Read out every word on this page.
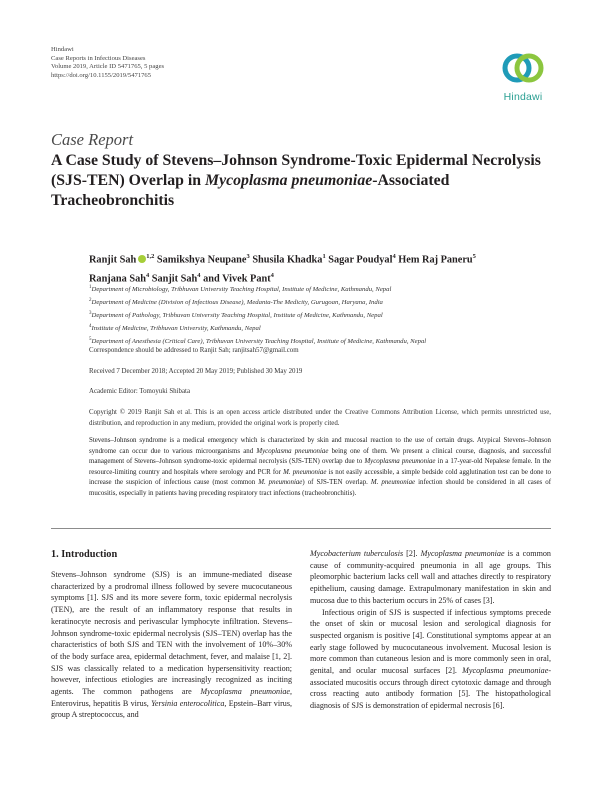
Hindawi
Case Reports in Infectious Diseases
Volume 2019, Article ID 5471765, 5 pages
https://doi.org/10.1155/2019/5471765
Hindawi
Case Report
A Case Study of Stevens–Johnson Syndrome-Toxic Epidermal Necrolysis (SJS-TEN) Overlap in Mycoplasma pneumoniae-Associated Tracheobronchitis
Ranjit Sah $^{1,2}$ Samikshya Neupane$^3$ Shusila Khadka$^1$ Sagar Poudyal$^4$ Hem Raj Paneru$^5$
Ranjana Sah$^4$ Sanjit Sah$^4$ and Vivek Pant$^4$
$^1$Department of Microbiology, Tribhuvan University Teaching Hospital, Institute of Medicine, Kathmandu, Nepal
$^2$Department of Medicine (Division of Infectious Disease), Medanta-The Medicity, Gurugoan, Haryana, India
$^3$Department of Pathology, Tribhuvan University Teaching Hospital, Institute of Medicine, Kathmandu, Nepal
$^4$Institute of Medicine, Tribhuvan University, Kathmandu, Nepal
$^5$Department of Anesthesia (Critical Care), Tribhuvan University Teaching Hospital, Institute of Medicine, Kathmandu, Nepal
Correspondence should be addressed to Ranjit Sah; ranjitsah57@gmail.com
Received 7 December 2018; Accepted 20 May 2019; Published 30 May 2019
Academic Editor: Tomoyuki Shibata
Copyright © 2019 Ranjit Sah et al. This is an open access article distributed under the Creative Commons Attribution License, which permits unrestricted use, distribution, and reproduction in any medium, provided the original work is properly cited.
Stevens–Johnson syndrome is a medical emergency which is characterized by skin and mucosal reaction to the use of certain drugs. Atypical Stevens–Johnson syndrome can occur due to various microorganisms and Mycoplasma pneumoniae being one of them. We present a clinical course, diagnosis, and successful management of Stevens–Johnson syndrome-toxic epidermal necrolysis (SJS-TEN) overlap due to Mycoplasma pneumoniae in a 17-year-old Nepalese female. In the resource-limiting country and hospitals where serology and PCR for M. pneumoniae is not easily accessible, a simple bedside cold agglutination test can be done to increase the suspicion of infectious cause (most common M. pneumoniae) of SJS-TEN overlap. M. pneumoniae infection should be considered in all cases of mucositis, especially in patients having preceding respiratory tract infections (tracheobronchitis).
1. Introduction

Stevens–Johnson syndrome (SJS) is an immune-mediated disease characterized by a prodromal illness followed by severe mucocutaneous symptoms [1]. SJS and its more severe form, toxic epidermal necrolysis (TEN), are the result of an inflammatory response that results in keratinocyte necrosis and perivascular lymphocyte infiltration. Stevens–Johnson syndrome-toxic epidermal necrolysis (SJS–TEN) overlap has the characteristics of both SJS and TEN with the involvement of 10%–30% of the body surface area, epidermal detachment, fever, and malaise [1, 2]. SJS was classically related to a medication hypersensitivity reaction; however, infectious etiologies are increasingly recognized as inciting agents. The common pathogens are Mycoplasma pneumoniae, Enterovirus, hepatitis B virus, Yersinia enterocolitica, Epstein–Barr virus, group A streptococcus, and

Mycobacterium tuberculosis [2]. Mycoplasma pneumoniae is a common cause of community-acquired pneumonia in all age groups. This pleomorphic bacterium lacks cell wall and attaches directly to respiratory epithelium, causing damage. Extrapulmonary manifestation in skin and mucosa due to this bacterium occurs in 25% of cases [3].

Infectious origin of SJS is suspected if infectious symptoms precede the onset of skin or mucosal lesion and serological diagnosis for suspected organism is positive [4]. Constitutional symptoms appear at an early stage followed by mucocutaneous involvement. Mucosal lesion is more common than cutaneous lesion and is more commonly seen in oral, genital, and ocular mucosal surfaces [2]. Mycoplasma pneumoniae-associated mucositis occurs through direct cytotoxic damage and through cross reacting auto antibody formation [5]. The histopathological diagnosis of SJS is demonstration of epidermal necrosis [6].
